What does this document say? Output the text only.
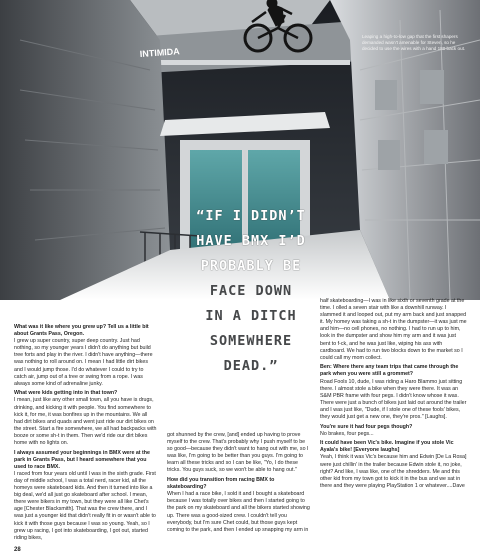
INTIMIDA
Leaping a high-to-low gap that the first shapers demanded wasn't amenable for Steven, so he decided to use the wires with a hand 180 back out.
“IF I DIDN’T
HAVE BMX I’D
PROBABLY BE
FACE DOWN
IN A DITCH
SOMEWHERE
DEAD.”
What was it like where you grew up? Tell us a little bit about Grants Pass, Oregon.
I grew up super country, super deep country. Just had nothing, so my younger years I didn't do anything but build tree forts and play in the river. I didn't have anything—there was nothing to roll around on. I mean I had little dirt bikes and I would jump those. I'd do whatever I could to try to catch air, jump out of a tree or swing from a rope. I was always some kind of adrenaline junky.
What were kids getting into in that town?
I mean, just like any other small town, all you have is drugs, drinking, and kicking it with people. You find somewhere to kick it, for me, it was bonfires up in the mountains. We all had dirt bikes and quads and went just ride our dirt bikes on the street. Start a fire somewhere, we all had backpacks with booze or some sh-t in them. Then we'd ride our dirt bikes home with no lights on.
I always assumed your beginnings in BMX were at the park in Grants Pass, but I heard somewhere that you used to race BMX.
I raced from four years old until I was in the sixth grade. First day of middle school, I was a total nerd, racer kid, all the homeys were skateboard kids. And then it turned into like a big deal, we'd all just go skateboard after school. I mean, there were bikers in my town, but they were all like Chet's age [Chester Blacksmith]. That was the crew there, and I was just a younger kid that didn't really fit in or wasn't able to kick it with those guys because I was so young. Yeah, so I grew up racing, I got into skateboarding, I got out, started riding bikes,
got shunned by the crew, [and] ended up having to prove myself to the crew. That's probably why I push myself to be so good—because they didn't want to hang out with me, so I was like, I'm going to be better than you guys. I'm going to learn all these tricks and so I can be like, "Yo, I do these tricks. You guys suck, so we won't be able to hang out."
How did you transition from racing BMX to skateboarding?
When I had a race bike, I sold it and I bought a skateboard because I was totally over bikes and then I started going to the park on my skateboard and all the bikers started showing up. There was a good-sized crew. I couldn't tell you everybody, but I'm sure Chet could, but those guys kept coming to the park, and then I ended up snapping my arm in
half skateboarding—I was in like sixth or seventh grade at the time. I olled a seven stair with like a downhill runway. I slammed it and looped out, put my arm back and just snapped it. My homey was taking a sh-t in the dumpster—it was just me and him—no cell phones, no nothing. I had to run up to him, look in the dumpster and show him my arm and it was just bent to f-ck, and he was just like, wiping his ass with cardboard. We had to run two blocks down to the market so I could call my mom collect.
Ben: Where there any team trips that came through the park when you were still a grommet?
Road Fools 10, dude, I was riding a Haro Blammo just sitting there. I almost stole a bike when they were there. It was an S&M PBR frame with four pegs. I didn't know whose it was. There were just a bunch of bikes just laid out around the trailer and I was just like, "Dude, if I stole one of these fools' bikes, they would just get a new one, they're pros." [Laughs].
You're sure it had four pegs though?
No brakes, four pegs...
It could have been Vic's bike. Imagine if you stole Vic Ayala's bike! [Everyone laughs]
Yeah, I think it was Vic's because him and Edwin [De La Rosa] were just chillin' in the trailer because Edwin stole it, no joke, right? And like, I was like, one of the shredders. Me and this other kid from my town got to kick it in the bus and we sat in there and they were playing PlayStation 1 or whatever....Dave
28
